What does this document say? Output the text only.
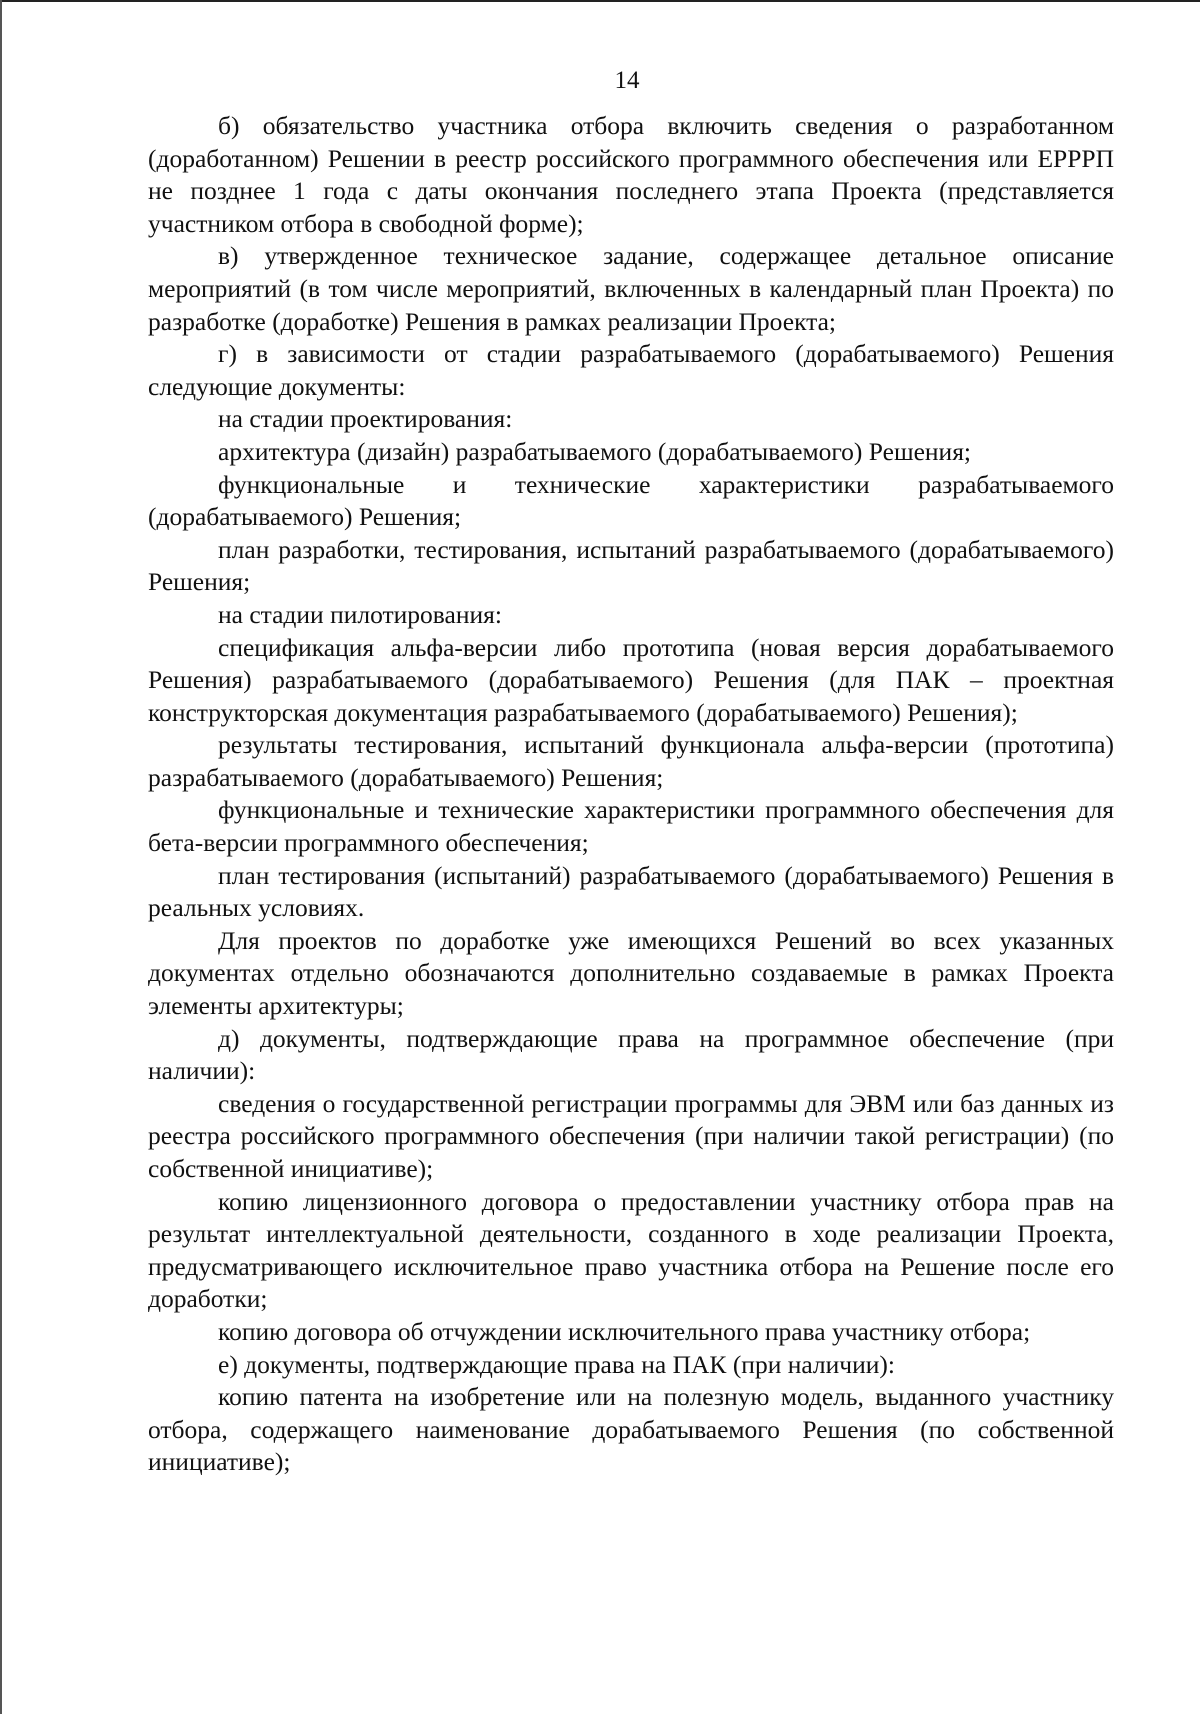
14

б) обязательство участника отбора включить сведения о разработанном (доработанном) Решении в реестр российского программного обеспечения или ЕРРРП не позднее 1 года с даты окончания последнего этапа Проекта (представляется участником отбора в свободной форме);

в) утвержденное техническое задание, содержащее детальное описание мероприятий (в том числе мероприятий, включенных в календарный план Проекта) по разработке (доработке) Решения в рамках реализации Проекта;

г) в зависимости от стадии разрабатываемого (дорабатываемого) Решения следующие документы:

на стадии проектирования:

архитектура (дизайн) разрабатываемого (дорабатываемого) Решения;

функциональные и технические характеристики разрабатываемого (дорабатываемого) Решения;

план разработки, тестирования, испытаний разрабатываемого (дорабатываемого) Решения;

на стадии пилотирования:

спецификация альфа-версии либо прототипа (новая версия дорабатываемого Решения) разрабатываемого (дорабатываемого) Решения (для ПАК – проектная конструкторская документация разрабатываемого (дорабатываемого) Решения);

результаты тестирования, испытаний функционала альфа-версии (прототипа) разрабатываемого (дорабатываемого) Решения;

функциональные и технические характеристики программного обеспечения для бета-версии программного обеспечения;

план тестирования (испытаний) разрабатываемого (дорабатываемого) Решения в реальных условиях.

Для проектов по доработке уже имеющихся Решений во всех указанных документах отдельно обозначаются дополнительно создаваемые в рамках Проекта элементы архитектуры;

д) документы, подтверждающие права на программное обеспечение (при наличии):

сведения о государственной регистрации программы для ЭВМ или баз данных из реестра российского программного обеспечения (при наличии такой регистрации) (по собственной инициативе);

копию лицензионного договора о предоставлении участнику отбора прав на результат интеллектуальной деятельности, созданного в ходе реализации Проекта, предусматривающего исключительное право участника отбора на Решение после его доработки;

копию договора об отчуждении исключительного права участнику отбора;

е) документы, подтверждающие права на ПАК (при наличии):

копию патента на изобретение или на полезную модель, выданного участнику отбора, содержащего наименование дорабатываемого Решения (по собственной инициативе);
